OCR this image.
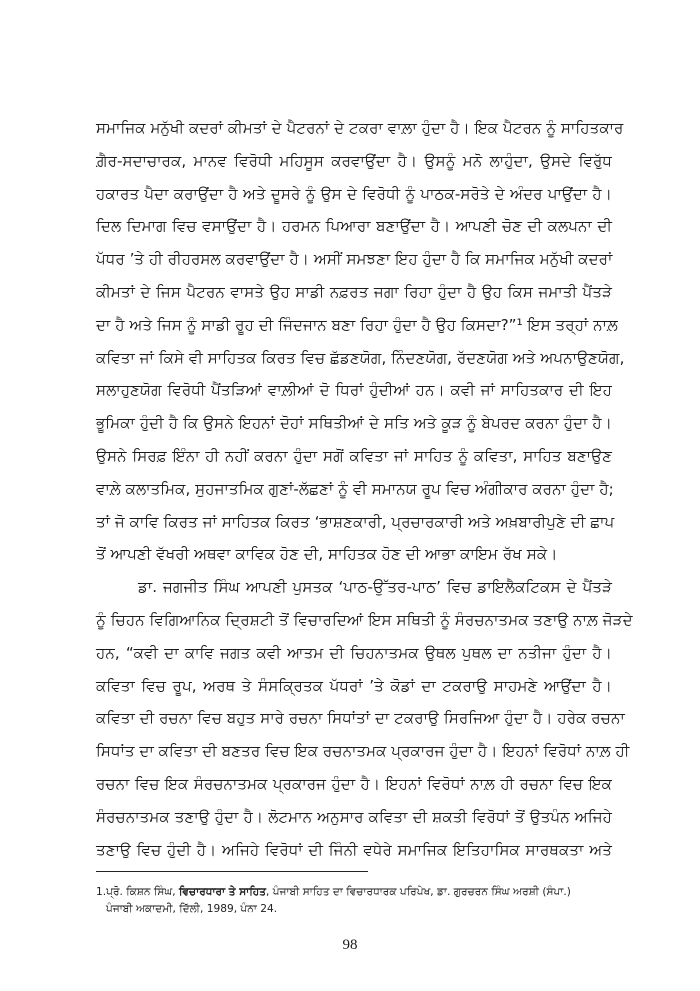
ਸਮਾਜਿਕ ਮਨੁੱਖੀ ਕਦਰਾਂ ਕੀਮਤਾਂ ਦੇ ਪੈਟਰਨਾਂ ਦੇ ਟਕਰਾ ਵਾਲ਼ਾ ਹੁੰਦਾ ਹੈ। ਇਕ ਪੈਟਰਨ ਨੂੰ ਸਾਹਿਤਕਾਰ
ਗ਼ੈਰ-ਸਦਾਚਾਰਕ, ਮਾਨਵ ਵਿਰੋਧੀ ਮਹਿਸੂਸ ਕਰਵਾਉਂਦਾ ਹੈ। ਉਸਨੂੰ ਮਨੋ ਲਾਹੁੰਦਾ, ਉਸਦੇ ਵਿਰੁੱਧ
ਹਕਾਰਤ ਪੈਦਾ ਕਰਾਉਂਦਾ ਹੈ ਅਤੇ ਦੂਸਰੇ ਨੂੰ ਉਸ ਦੇ ਵਿਰੋਧੀ ਨੂੰ ਪਾਠਕ-ਸਰੋਤੇ ਦੇ ਅੰਦਰ ਪਾਉਂਦਾ ਹੈ।
ਦਿਲ ਦਿਮਾਗ ਵਿਚ ਵਸਾਉਂਦਾ ਹੈ। ਹਰਮਨ ਪਿਆਰਾ ਬਣਾਉਂਦਾ ਹੈ। ਆਪਣੀ ਚੋਣ ਦੀ ਕਲਪਨਾ ਦੀ
ਪੱਧਰ ’ਤੇ ਹੀ ਰੀਹਰਸਲ ਕਰਵਾਉਂਦਾ ਹੈ। ਅਸੀਂ ਸਮਝਣਾ ਇਹ ਹੁੰਦਾ ਹੈ ਕਿ ਸਮਾਜਿਕ ਮਨੁੱਖੀ ਕਦਰਾਂ
ਕੀਮਤਾਂ ਦੇ ਜਿਸ ਪੈਟਰਨ ਵਾਸਤੇ ਉਹ ਸਾਡੀ ਨਫ਼ਰਤ ਜਗਾ ਰਿਹਾ ਹੁੰਦਾ ਹੈ ਉਹ ਕਿਸ ਜਮਾਤੀ ਪੈਂਤੜੇ
ਦਾ ਹੈ ਅਤੇ ਜਿਸ ਨੂੰ ਸਾਡੀ ਰੂਹ ਦੀ ਜਿੰਦਜਾਨ ਬਣਾ ਰਿਹਾ ਹੁੰਦਾ ਹੈ ਉਹ ਕਿਸਦਾ?”¹ ਇਸ ਤਰ੍ਹਾਂ ਨਾਲ਼
ਕਵਿਤਾ ਜਾਂ ਕਿਸੇ ਵੀ ਸਾਹਿਤਕ ਕਿਰਤ ਵਿਚ ਛੱਡਣਯੋਗ, ਨਿੰਦਣਯੋਗ, ਰੱਦਣਯੋਗ ਅਤੇ ਅਪਨਾਉਣਯੋਗ,
ਸਲਾਹੁਣਯੋਗ ਵਿਰੋਧੀ ਪੈਂਤੜਿਆਂ ਵਾਲ਼ੀਆਂ ਦੋ ਧਿਰਾਂ ਹੁੰਦੀਆਂ ਹਨ। ਕਵੀ ਜਾਂ ਸਾਹਿਤਕਾਰ ਦੀ ਇਹ
ਭੂਮਿਕਾ ਹੁੰਦੀ ਹੈ ਕਿ ਉਸਨੇ ਇਹਨਾਂ ਦੋਹਾਂ ਸਥਿਤੀਆਂ ਦੇ ਸਤਿ ਅਤੇ ਕੂੜ ਨੂੰ ਬੇਪਰਦ ਕਰਨਾ ਹੁੰਦਾ ਹੈ।
ਉਸਨੇ ਸਿਰਫ਼ ਇੰਨਾ ਹੀ ਨਹੀਂ ਕਰਨਾ ਹੁੰਦਾ ਸਗੋਂ ਕਵਿਤਾ ਜਾਂ ਸਾਹਿਤ ਨੂੰ ਕਵਿਤਾ, ਸਾਹਿਤ ਬਣਾਉਣ
ਵਾਲ਼ੇ ਕਲਾਤਮਿਕ, ਸੁਹਜਾਤਮਿਕ ਗੁਣਾਂ-ਲੱਛਣਾਂ ਨੂੰ ਵੀ ਸਮਾਨਯ ਰੂਪ ਵਿਚ ਅੰਗੀਕਾਰ ਕਰਨਾ ਹੁੰਦਾ ਹੈ;
ਤਾਂ ਜੋ ਕਾਵਿ ਕਿਰਤ ਜਾਂ ਸਾਹਿਤਕ ਕਿਰਤ ‘ਭਾਸ਼ਣਕਾਰੀ, ਪ੍ਰਚਾਰਕਾਰੀ ਅਤੇ ਅਖ਼ਬਾਰੀਪੁਣੇ ਦੀ ਛਾਪ
ਤੋਂ ਆਪਣੀ ਵੱਖਰੀ ਅਥਵਾ ਕਾਵਿਕ ਹੋਣ ਦੀ, ਸਾਹਿਤਕ ਹੋਣ ਦੀ ਆਭਾ ਕਾਇਮ ਰੱਖ ਸਕੇ।
ਡਾ. ਜਗਜੀਤ ਸਿੰਘ ਆਪਣੀ ਪੁਸਤਕ ‘ਪਾਠ-ਉੱਤਰ-ਪਾਠ’ ਵਿਚ ਡਾਇਲੈਕਟਿਕਸ ਦੇ ਪੈਂਤੜੇ
ਨੂੰ ਚਿਹਨ ਵਿਗਿਆਨਿਕ ਦ੍ਰਿਸ਼ਟੀ ਤੋਂ ਵਿਚਾਰਦਿਆਂ ਇਸ ਸਥਿਤੀ ਨੂੰ ਸੰਰਚਨਾਤਮਕ ਤਣਾਉ ਨਾਲ਼ ਜੋੜਦੇ
ਹਨ, “ਕਵੀ ਦਾ ਕਾਵਿ ਜਗਤ ਕਵੀ ਆਤਮ ਦੀ ਚਿਹਨਾਤਮਕ ਉਥਲ ਪੁਥਲ ਦਾ ਨਤੀਜਾ ਹੁੰਦਾ ਹੈ।
ਕਵਿਤਾ ਵਿਚ ਰੂਪ, ਅਰਥ ਤੇ ਸੰਸਕ੍ਰਿਤਕ ਪੱਧਰਾਂ ’ਤੇ ਕੋਡਾਂ ਦਾ ਟਕਰਾਉ ਸਾਹਮਣੇ ਆਉਂਦਾ ਹੈ।
ਕਵਿਤਾ ਦੀ ਰਚਨਾ ਵਿਚ ਬਹੁਤ ਸਾਰੇ ਰਚਨਾ ਸਿਧਾਂਤਾਂ ਦਾ ਟਕਰਾਉ ਸਿਰਜਿਆ ਹੁੰਦਾ ਹੈ। ਹਰੇਕ ਰਚਨਾ
ਸਿਧਾਂਤ ਦਾ ਕਵਿਤਾ ਦੀ ਬਣਤਰ ਵਿਚ ਇਕ ਰਚਨਾਤਮਕ ਪ੍ਰਕਾਰਜ ਹੁੰਦਾ ਹੈ। ਇਹਨਾਂ ਵਿਰੋਧਾਂ ਨਾਲ਼ ਹੀ
ਰਚਨਾ ਵਿਚ ਇਕ ਸੰਰਚਨਾਤਮਕ ਪ੍ਰਕਾਰਜ ਹੁੰਦਾ ਹੈ। ਇਹਨਾਂ ਵਿਰੋਧਾਂ ਨਾਲ਼ ਹੀ ਰਚਨਾ ਵਿਚ ਇਕ
ਸੰਰਚਨਾਤਮਕ ਤਣਾਉ ਹੁੰਦਾ ਹੈ। ਲੋਟਮਾਨ ਅਨੁਸਾਰ ਕਵਿਤਾ ਦੀ ਸ਼ਕਤੀ ਵਿਰੋਧਾਂ ਤੋਂ ਉਤਪੰਨ ਅਜਿਹੇ
ਤਣਾਉ ਵਿਚ ਹੁੰਦੀ ਹੈ। ਅਜਿਹੇ ਵਿਰੋਧਾਂ ਦੀ ਜਿੰਨੀ ਵਧੇਰੇ ਸਮਾਜਿਕ ਇਤਿਹਾਸਿਕ ਸਾਰਥਕਤਾ ਅਤੇ
1.ਪ੍ਰੋ. ਕਿਸ਼ਨ ਸਿੰਘ, ਵਿਚਾਰਧਾਰਾ ਤੇ ਸਾਹਿਤ, ਪੰਜਾਬੀ ਸਾਹਿਤ ਦਾ ਵਿਚਾਰਧਾਰਕ ਪਰਿਪੇਖ, ਡਾ. ਗੁਰਚਰਨ ਸਿੰਘ ਅਰਸ਼ੀ (ਸੰਪਾ.)
ਪੰਜਾਬੀ ਅਕਾਦਮੀ, ਦਿੱਲੀ, 1989, ਪੰਨਾ 24.
98
